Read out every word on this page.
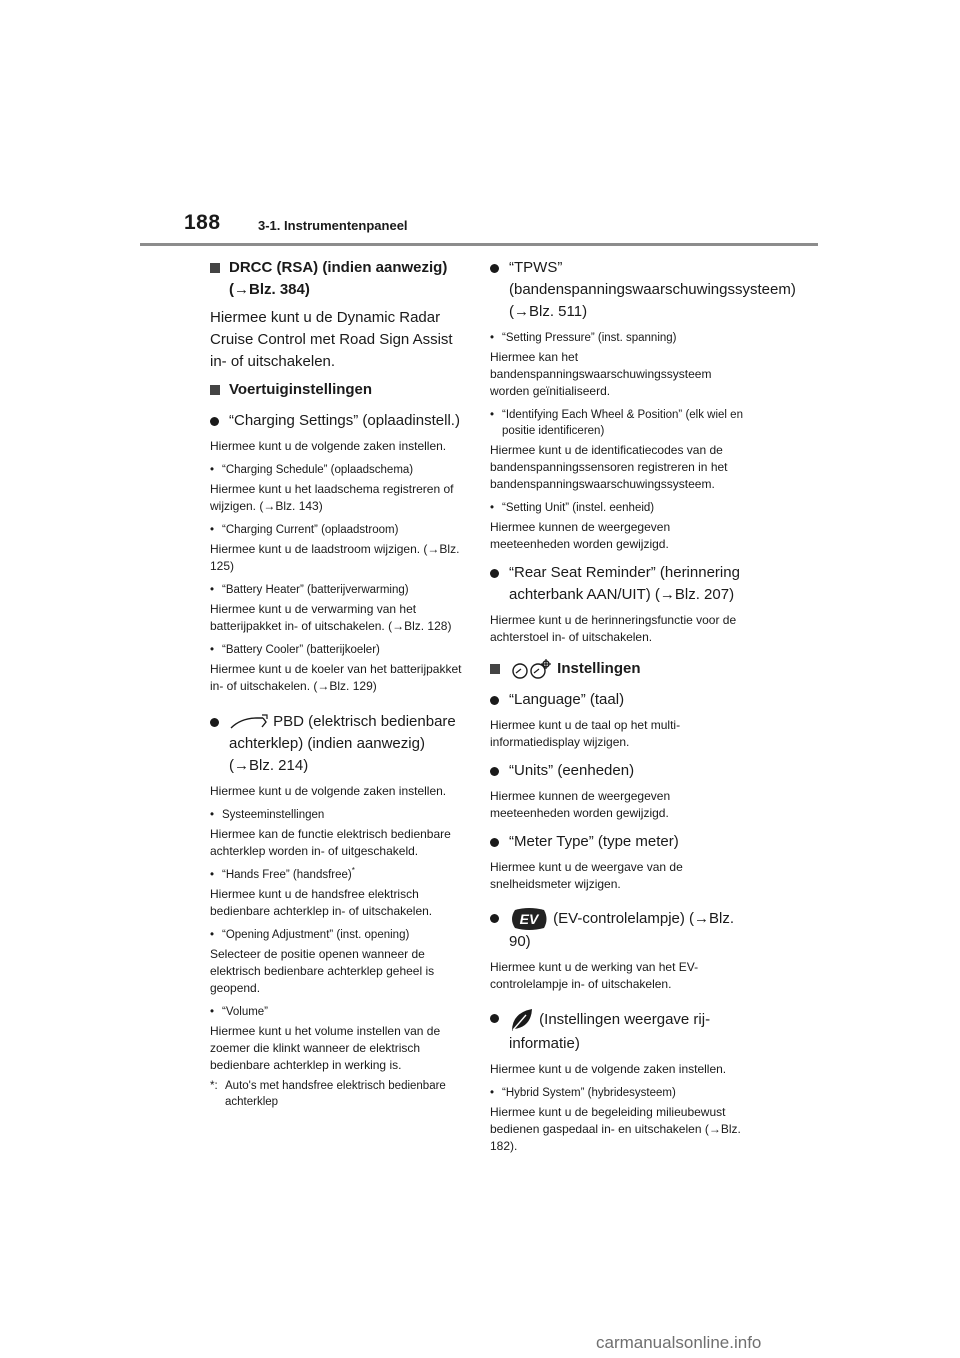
188	3-1. Instrumentenpaneel
DRCC (RSA) (indien aanwezig)
(→Blz. 384)
Hiermee kunt u de Dynamic Radar Cruise Control met Road Sign Assist in- of uitschakelen.
Voertuiginstellingen
“Charging Settings” (oplaadinstell.)
Hiermee kunt u de volgende zaken instellen.
• “Charging Schedule” (oplaadschema)
Hiermee kunt u het laadschema registreren of wijzigen. (→Blz. 143)
• “Charging Current” (oplaadstroom)
Hiermee kunt u de laadstroom wijzigen. (→Blz. 125)
• “Battery Heater” (batterijverwarming)
Hiermee kunt u de verwarming van het batterijpakket in- of uitschakelen. (→Blz. 128)
• “Battery Cooler” (batterijkoeler)
Hiermee kunt u de koeler van het batterijpakket in- of uitschakelen. (→Blz. 129)
PBD (elektrisch bedienbare achterklep) (indien aanwezig) (→Blz. 214)
Hiermee kunt u de volgende zaken instellen.
• Systeeminstellingen
Hiermee kan de functie elektrisch bedienbare achterklep worden in- of uitgeschakeld.
• “Hands Free” (handsfree)*
Hiermee kunt u de handsfree elektrisch bedienbare achterklep in- of uitschakelen.
• “Opening Adjustment” (inst. opening)
Selecteer de positie openen wanneer de elektrisch bedienbare achterklep geheel is geopend.
• “Volume”
Hiermee kunt u het volume instellen van de zoemer die klinkt wanneer de elektrisch bedienbare achterklep in werking is.
*: Auto's met handsfree elektrisch bedienbare achterklep
“TPWS” (bandenspanningswaarschuwingssysteem) (→Blz. 511)
• “Setting Pressure” (inst. spanning)
Hiermee kan het bandenspanningswaarschuwingssysteem worden geïnitialiseerd.
• “Identifying Each Wheel & Position” (elk wiel en positie identificeren)
Hiermee kunt u de identificatiecodes van de bandenspanningssensoren registreren in het bandenspanningswaarschuwingssysteem.
• “Setting Unit” (instel. eenheid)
Hiermee kunnen de weergegeven meeteenheden worden gewijzigd.
“Rear Seat Reminder” (herinnering achterbank AAN/UIT) (→Blz. 207)
Hiermee kunt u de herinneringsfunctie voor de achterstoel in- of uitschakelen.
Instellingen
“Language” (taal)
Hiermee kunt u de taal op het multi-informatiedisplay wijzigen.
“Units” (eenheden)
Hiermee kunnen de weergegeven meeteenheden worden gewijzigd.
“Meter Type” (type meter)
Hiermee kunt u de weergave van de snelheidsmeter wijzigen.
EV (EV-controlelampje) (→Blz. 90)
Hiermee kunt u de werking van het EV-controlelampje in- of uitschakelen.
(Instellingen weergave rij-informatie)
Hiermee kunt u de volgende zaken instellen.
• “Hybrid System” (hybridesysteem)
Hiermee kunt u de begeleiding milieubewust bedienen gaspedaal in- en uitschakelen (→Blz. 182).
carmanualsonline.info
